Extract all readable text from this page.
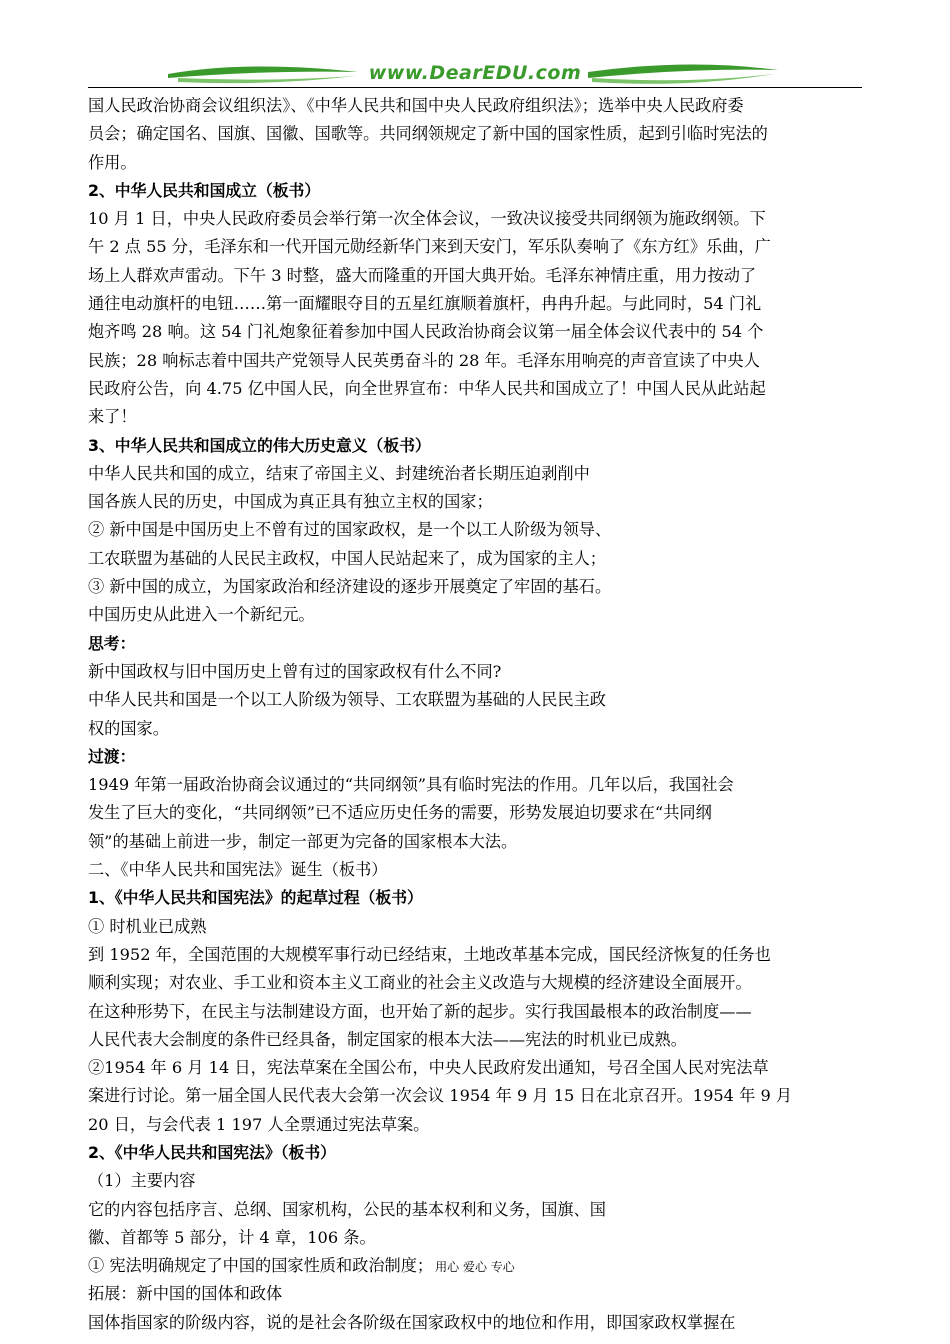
www.DearEDU.com
国人民政治协商会议组织法》、《中华人民共和国中央人民政府组织法》；选举中央人民政府委
员会；确定国名、国旗、国徽、国歌等。共同纲领规定了新中国的国家性质，起到引临时宪法的
作用。
2、中华人民共和国成立（板书）
10 月 1 日，中央人民政府委员会举行第一次全体会议，一致决议接受共同纲领为施政纲领。下
午 2 点 55 分，毛泽东和一代开国元勋经新华门来到天安门，军乐队奏响了《东方红》乐曲，广
场上人群欢声雷动。下午 3 时整，盛大而隆重的开国大典开始。毛泽东神情庄重，用力按动了
通往电动旗杆的电钮……第一面耀眼夺目的五星红旗顺着旗杆，冉冉升起。与此同时，54 门礼
炮齐鸣 28 响。这 54 门礼炮象征着参加中国人民政治协商会议第一届全体会议代表中的 54 个
民族；28 响标志着中国共产党领导人民英勇奋斗的 28 年。毛泽东用响亮的声音宣读了中央人
民政府公告，向 4.75 亿中国人民，向全世界宣布：中华人民共和国成立了！中国人民从此站起
来了！
3、中华人民共和国成立的伟大历史意义（板书）
中华人民共和国的成立，结束了帝国主义、封建统治者长期压迫剥削中
国各族人民的历史，中国成为真正具有独立主权的国家；
② 新中国是中国历史上不曾有过的国家政权，是一个以工人阶级为领导、
工农联盟为基础的人民民主政权，中国人民站起来了，成为国家的主人；
③ 新中国的成立，为国家政治和经济建设的逐步开展奠定了牢固的基石。
中国历史从此进入一个新纪元。
思考：
新中国政权与旧中国历史上曾有过的国家政权有什么不同?
中华人民共和国是一个以工人阶级为领导、工农联盟为基础的人民民主政
权的国家。
过渡：
1949 年第一届政治协商会议通过的“共同纲领”具有临时宪法的作用。几年以后，我国社会
发生了巨大的变化，“共同纲领”已不适应历史任务的需要，形势发展迫切要求在“共同纲
领”的基础上前进一步，制定一部更为完备的国家根本大法。
二、《中华人民共和国宪法》诞生（板书）
1、《中华人民共和国宪法》的起草过程（板书）
① 时机业已成熟
到 1952 年，全国范围的大规模军事行动已经结束，土地改革基本完成，国民经济恢复的任务也
顺利实现；对农业、手工业和资本主义工商业的社会主义改造与大规模的经济建设全面展开。
在这种形势下，在民主与法制建设方面，也开始了新的起步。实行我国最根本的政治制度——
人民代表大会制度的条件已经具备，制定国家的根本大法——宪法的时机业已成熟。
②1954 年 6 月 14 日，宪法草案在全国公布，中央人民政府发出通知，号召全国人民对宪法草
案进行讨论。第一届全国人民代表大会第一次会议 1954 年 9 月 15 日在北京召开。1954 年 9 月
20 日，与会代表 1 197 人全票通过宪法草案。
2、《中华人民共和国宪法》（板书）
（1）主要内容
它的内容包括序言、总纲、国家机构，公民的基本权利和义务，国旗、国
徽、首都等 5 部分，计 4 章，106 条。
① 宪法明确规定了中国的国家性质和政治制度；
拓展：新中国的国体和政体
国体指国家的阶级内容，说的是社会各阶级在国家政权中的地位和作用，即国家政权掌握在
用心 爱心 专心
